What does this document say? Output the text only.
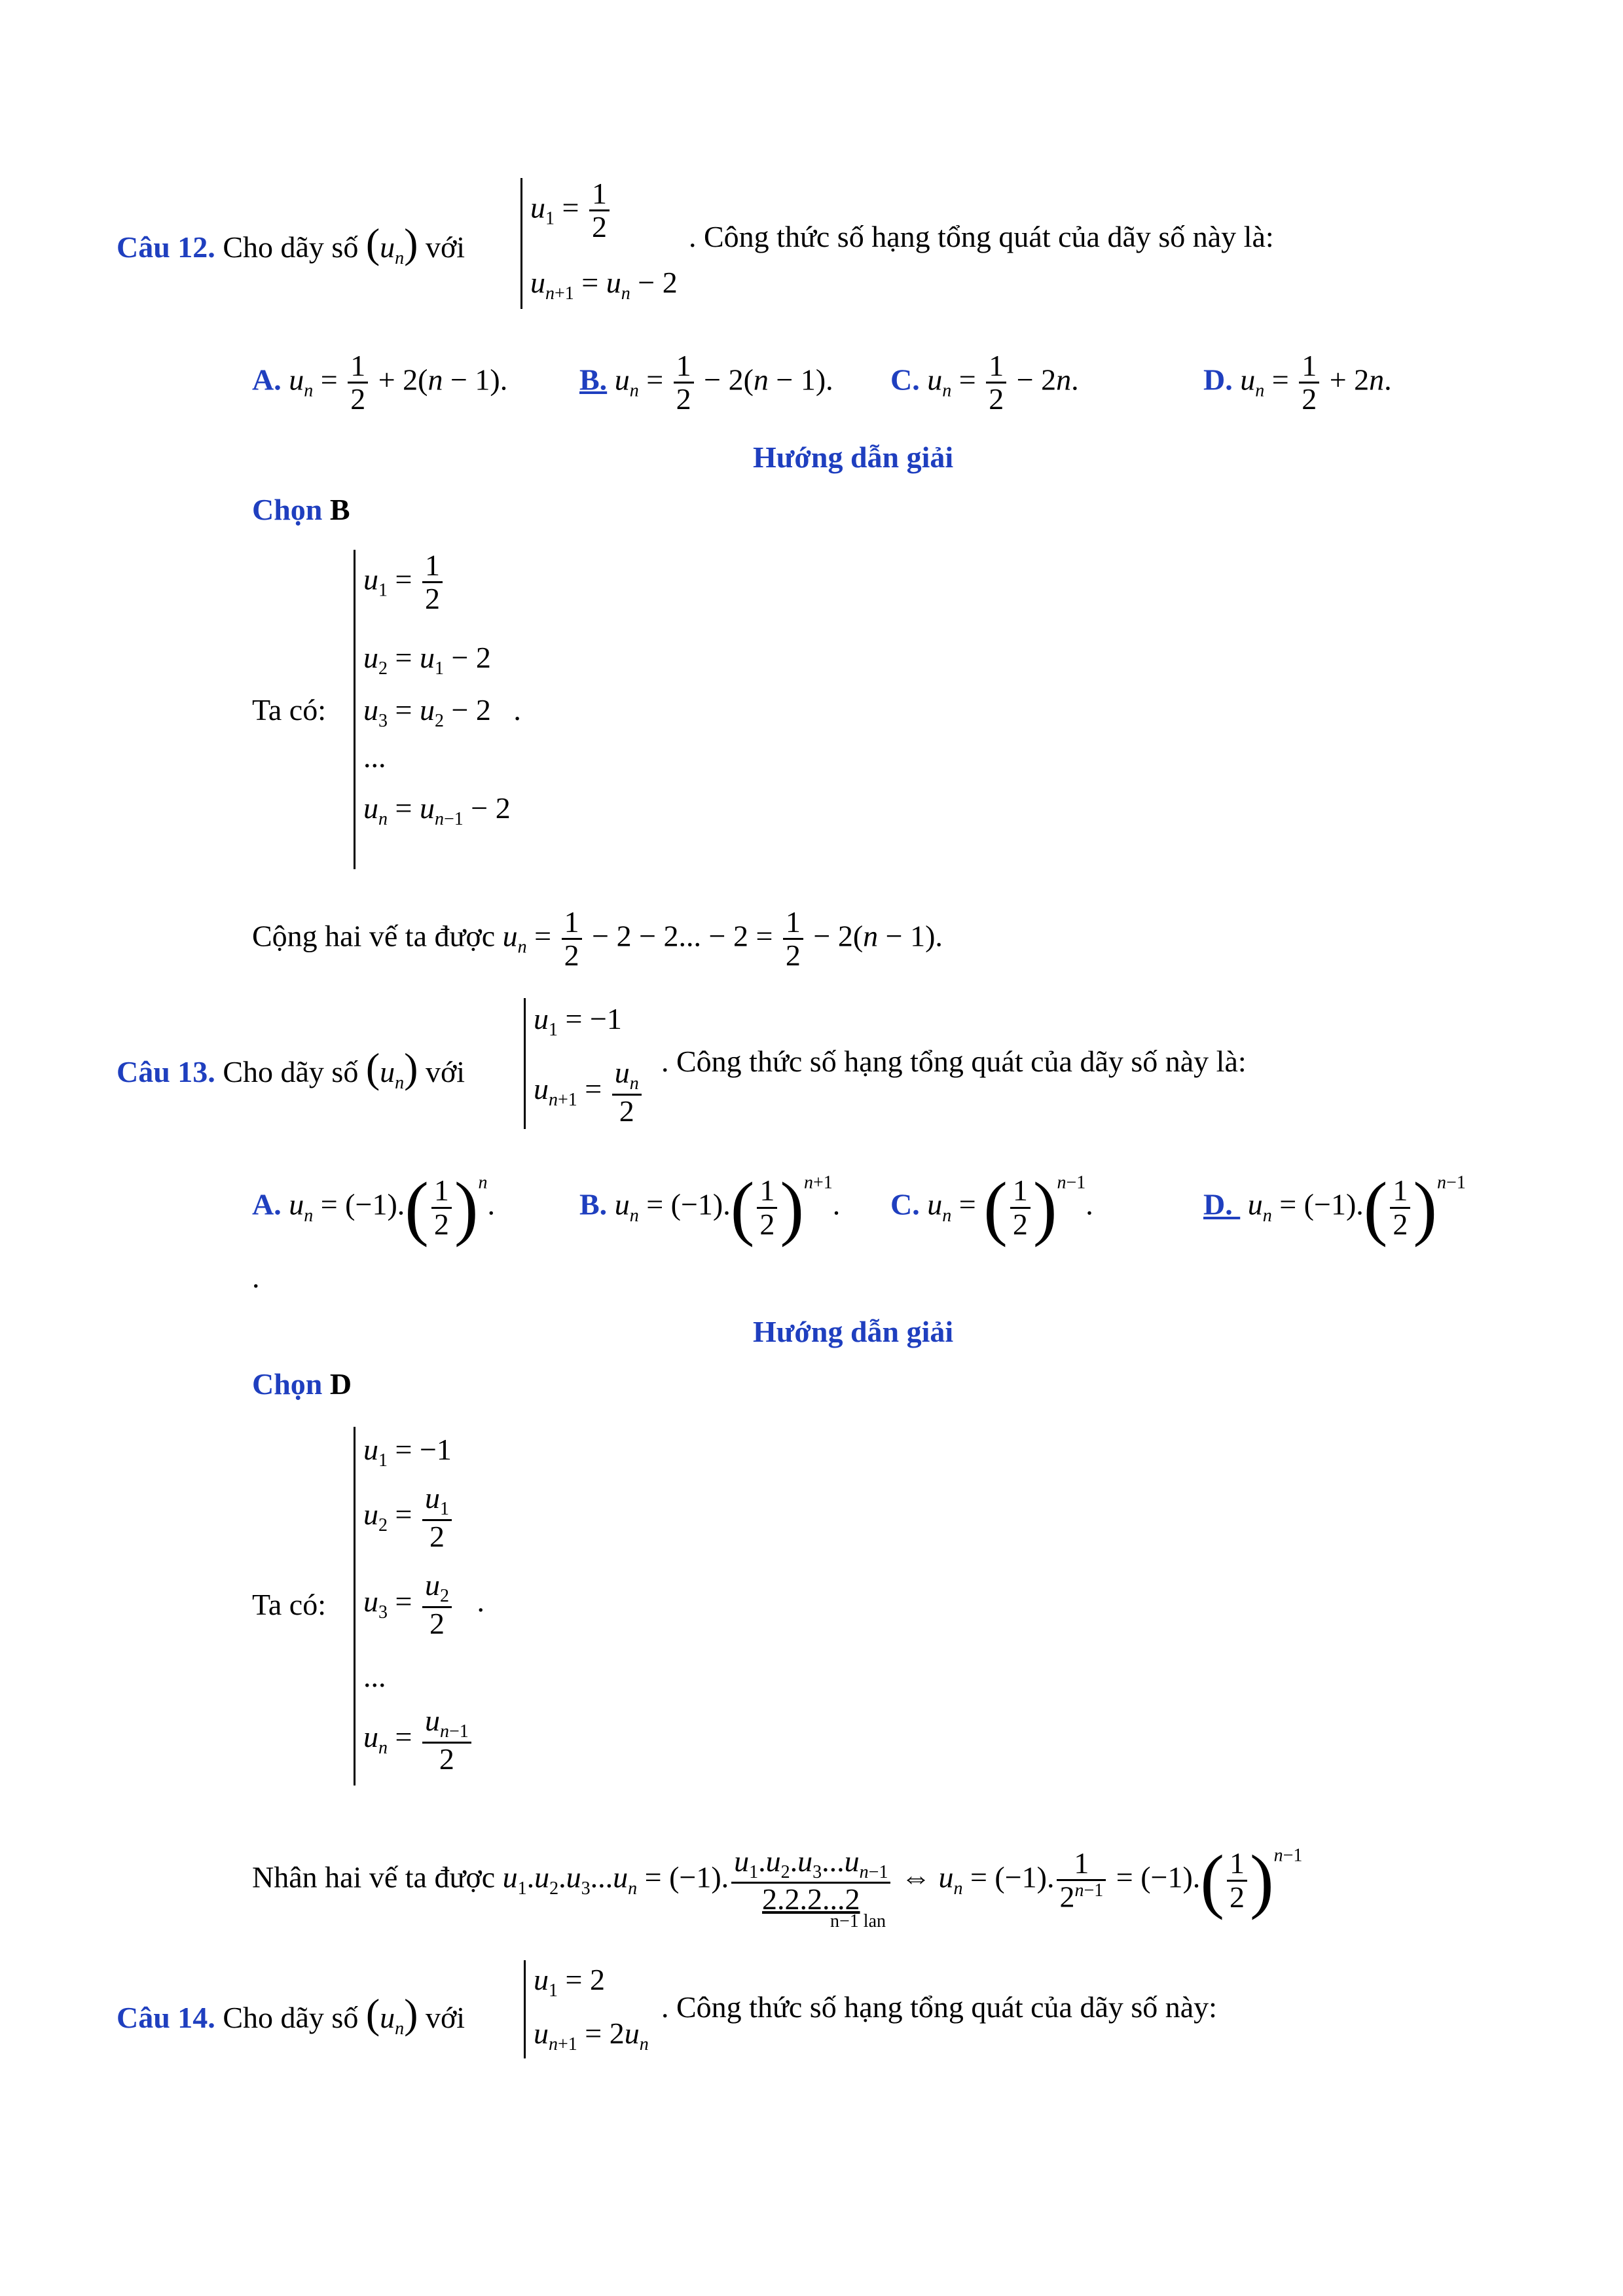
Câu 12. Cho dãy số $(u_n)$ với
$u_1 = \frac{1}{2}$
$u_{n+1} = u_n - 2$
. Công thức số hạng tổng quát của dãy số này là:
A. $u_n = \frac{1}{2} + 2(n - 1)$. B. $u_n = \frac{1}{2} - 2(n - 1)$. C. $u_n = \frac{1}{2} - 2n$.	D. $u_n = \frac{1}{2} + 2n$.
Hướng dẫn giải
Chọn B
Ta có:
$u_1 = \frac{1}{2}$
$u_2 = u_1 - 2$
$u_3 = u_2 - 2$   .
...
$u_n = u_{n-1} - 2$
Cộng hai vế ta được $u_n = \frac{1}{2} - 2 - 2$... − $2 = \frac{1}{2} - 2(n - 1)$.
Câu 13. Cho dãy số $(u_n)$ với
$u_1 = -1$
$u_{n+1} = \frac{u_n}{2}$ . Công thức số hạng tổng quát của dãy số này là:
A. $u_n = (-1).( \frac{1}{2} )^n$.	B. $u_n = (-1).( \frac{1}{2} )^{n+1}$. C. $u_n$ = ( $\frac{1}{2} )^{n-1}$.	D.  $u_n = (-1).( \frac{1}{2} )^{n-1}$
.
Hướng dẫn giải
Chọn D
Ta có:
$u_1 = -1$
$u_2 = \frac{u_1}{2}$
$u_3 = \frac{u_2}{2}$ .
...
$u_n = \frac{u_{n-1}}{2}$
Nhân hai vế ta được $u_1.u_2.u_3...u_n = (-1)$. $\frac{u_1.u_2.u_3...u_{n-1}}{2.2.2...2}$ ⇔ $u_n = (-1)$. $\frac{1}{2^{n-1}} = (-1).( \frac{1}{2} )^{n-1}$
n−1 lan
Câu 14. Cho dãy số $(u_n)$ với
$u_1 = 2$
$u_{n+1} = 2u_n$
. Công thức số hạng tổng quát của dãy số này:
